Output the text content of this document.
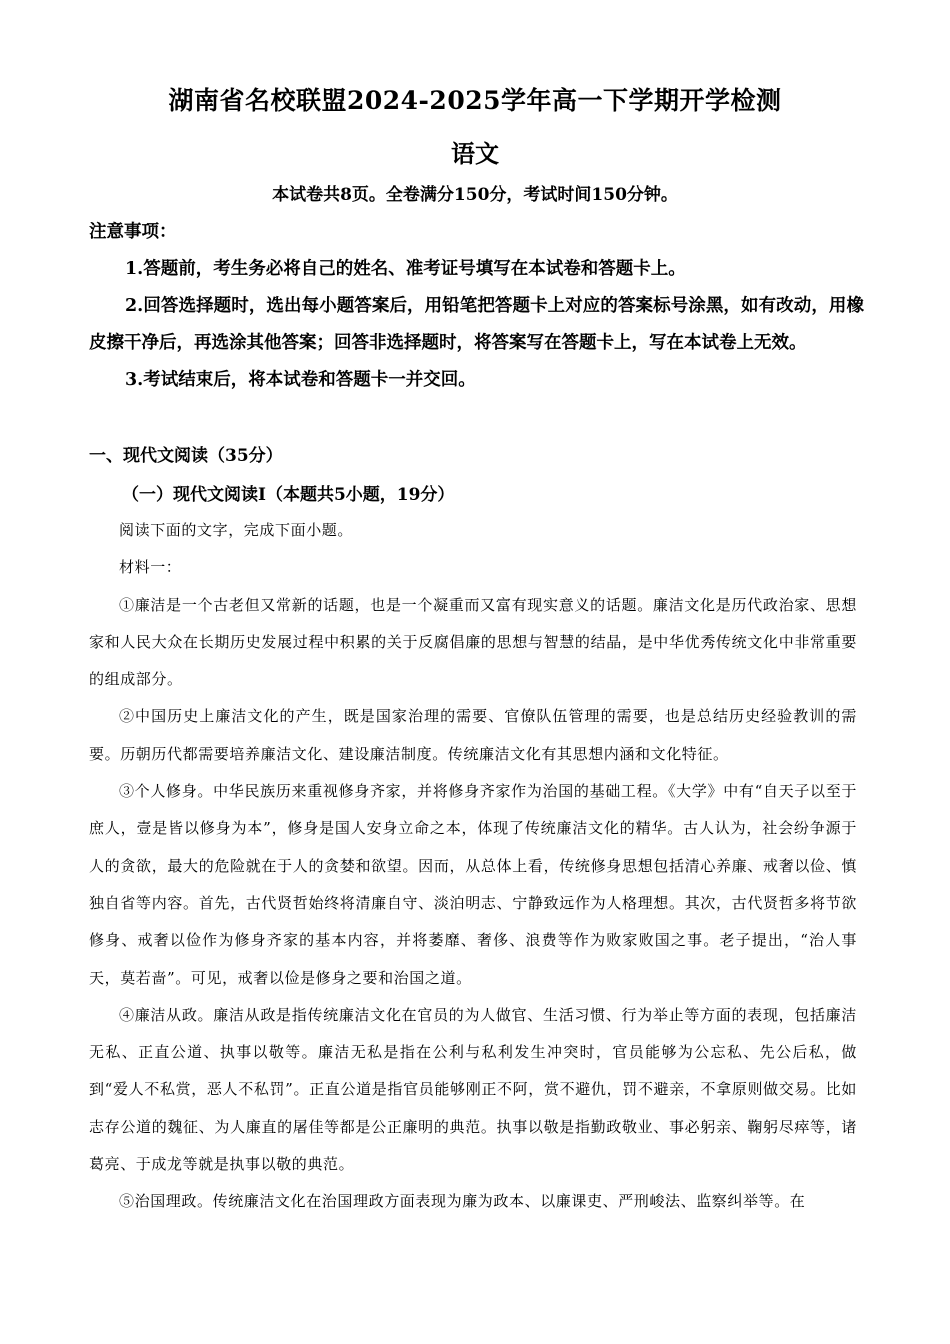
湖南省名校联盟2024-2025学年高一下学期开学检测
语文
本试卷共8页。全卷满分150分，考试时间150分钟。

注意事项：

1.答题前，考生务必将自己的姓名、准考证号填写在本试卷和答题卡上。

2.回答选择题时，选出每小题答案后，用铅笔把答题卡上对应的答案标号涂黑，如有改动，用橡皮擦干净后，再选涂其他答案；回答非选择题时，将答案写在答题卡上，写在本试卷上无效。

3.考试结束后，将本试卷和答题卡一并交回。

一、现代文阅读（35分）
（一）现代文阅读Ⅰ（本题共5小题，19分）

阅读下面的文字，完成下面小题。

材料一：

①廉洁是一个古老但又常新的话题，也是一个凝重而又富有现实意义的话题。廉洁文化是历代政治家、思想家和人民大众在长期历史发展过程中积累的关于反腐倡廉的思想与智慧的结晶，是中华优秀传统文化中非常重要的组成部分。

②中国历史上廉洁文化的产生，既是国家治理的需要、官僚队伍管理的需要，也是总结历史经验教训的需要。历朝历代都需要培养廉洁文化、建设廉洁制度。传统廉洁文化有其思想内涵和文化特征。

③个人修身。中华民族历来重视修身齐家，并将修身齐家作为治国的基础工程。《大学》中有“自天子以至于庶人，壹是皆以修身为本”，修身是国人安身立命之本，体现了传统廉洁文化的精华。古人认为，社会纷争源于人的贪欲，最大的危险就在于人的贪婪和欲望。因而，从总体上看，传统修身思想包括清心养廉、戒奢以俭、慎独自省等内容。首先，古代贤哲始终将清廉自守、淡泊明志、宁静致远作为人格理想。其次，古代贤哲多将节欲修身、戒奢以俭作为修身齐家的基本内容，并将萎靡、奢侈、浪费等作为败家败国之事。老子提出，“治人事天，莫若啬”。可见，戒奢以俭是修身之要和治国之道。

④廉洁从政。廉洁从政是指传统廉洁文化在官员的为人做官、生活习惯、行为举止等方面的表现，包括廉洁无私、正直公道、执事以敬等。廉洁无私是指在公利与私利发生冲突时，官员能够为公忘私、先公后私，做到“爱人不私赏，恶人不私罚”。正直公道是指官员能够刚正不阿，赏不避仇，罚不避亲，不拿原则做交易。比如志存公道的魏征、为人廉直的屠佳等都是公正廉明的典范。执事以敬是指勤政敬业、事必躬亲、鞠躬尽瘁等，诸葛亮、于成龙等就是执事以敬的典范。

⑤治国理政。传统廉洁文化在治国理政方面表现为廉为政本、以廉课吏、严刑峻法、监察纠举等。在
